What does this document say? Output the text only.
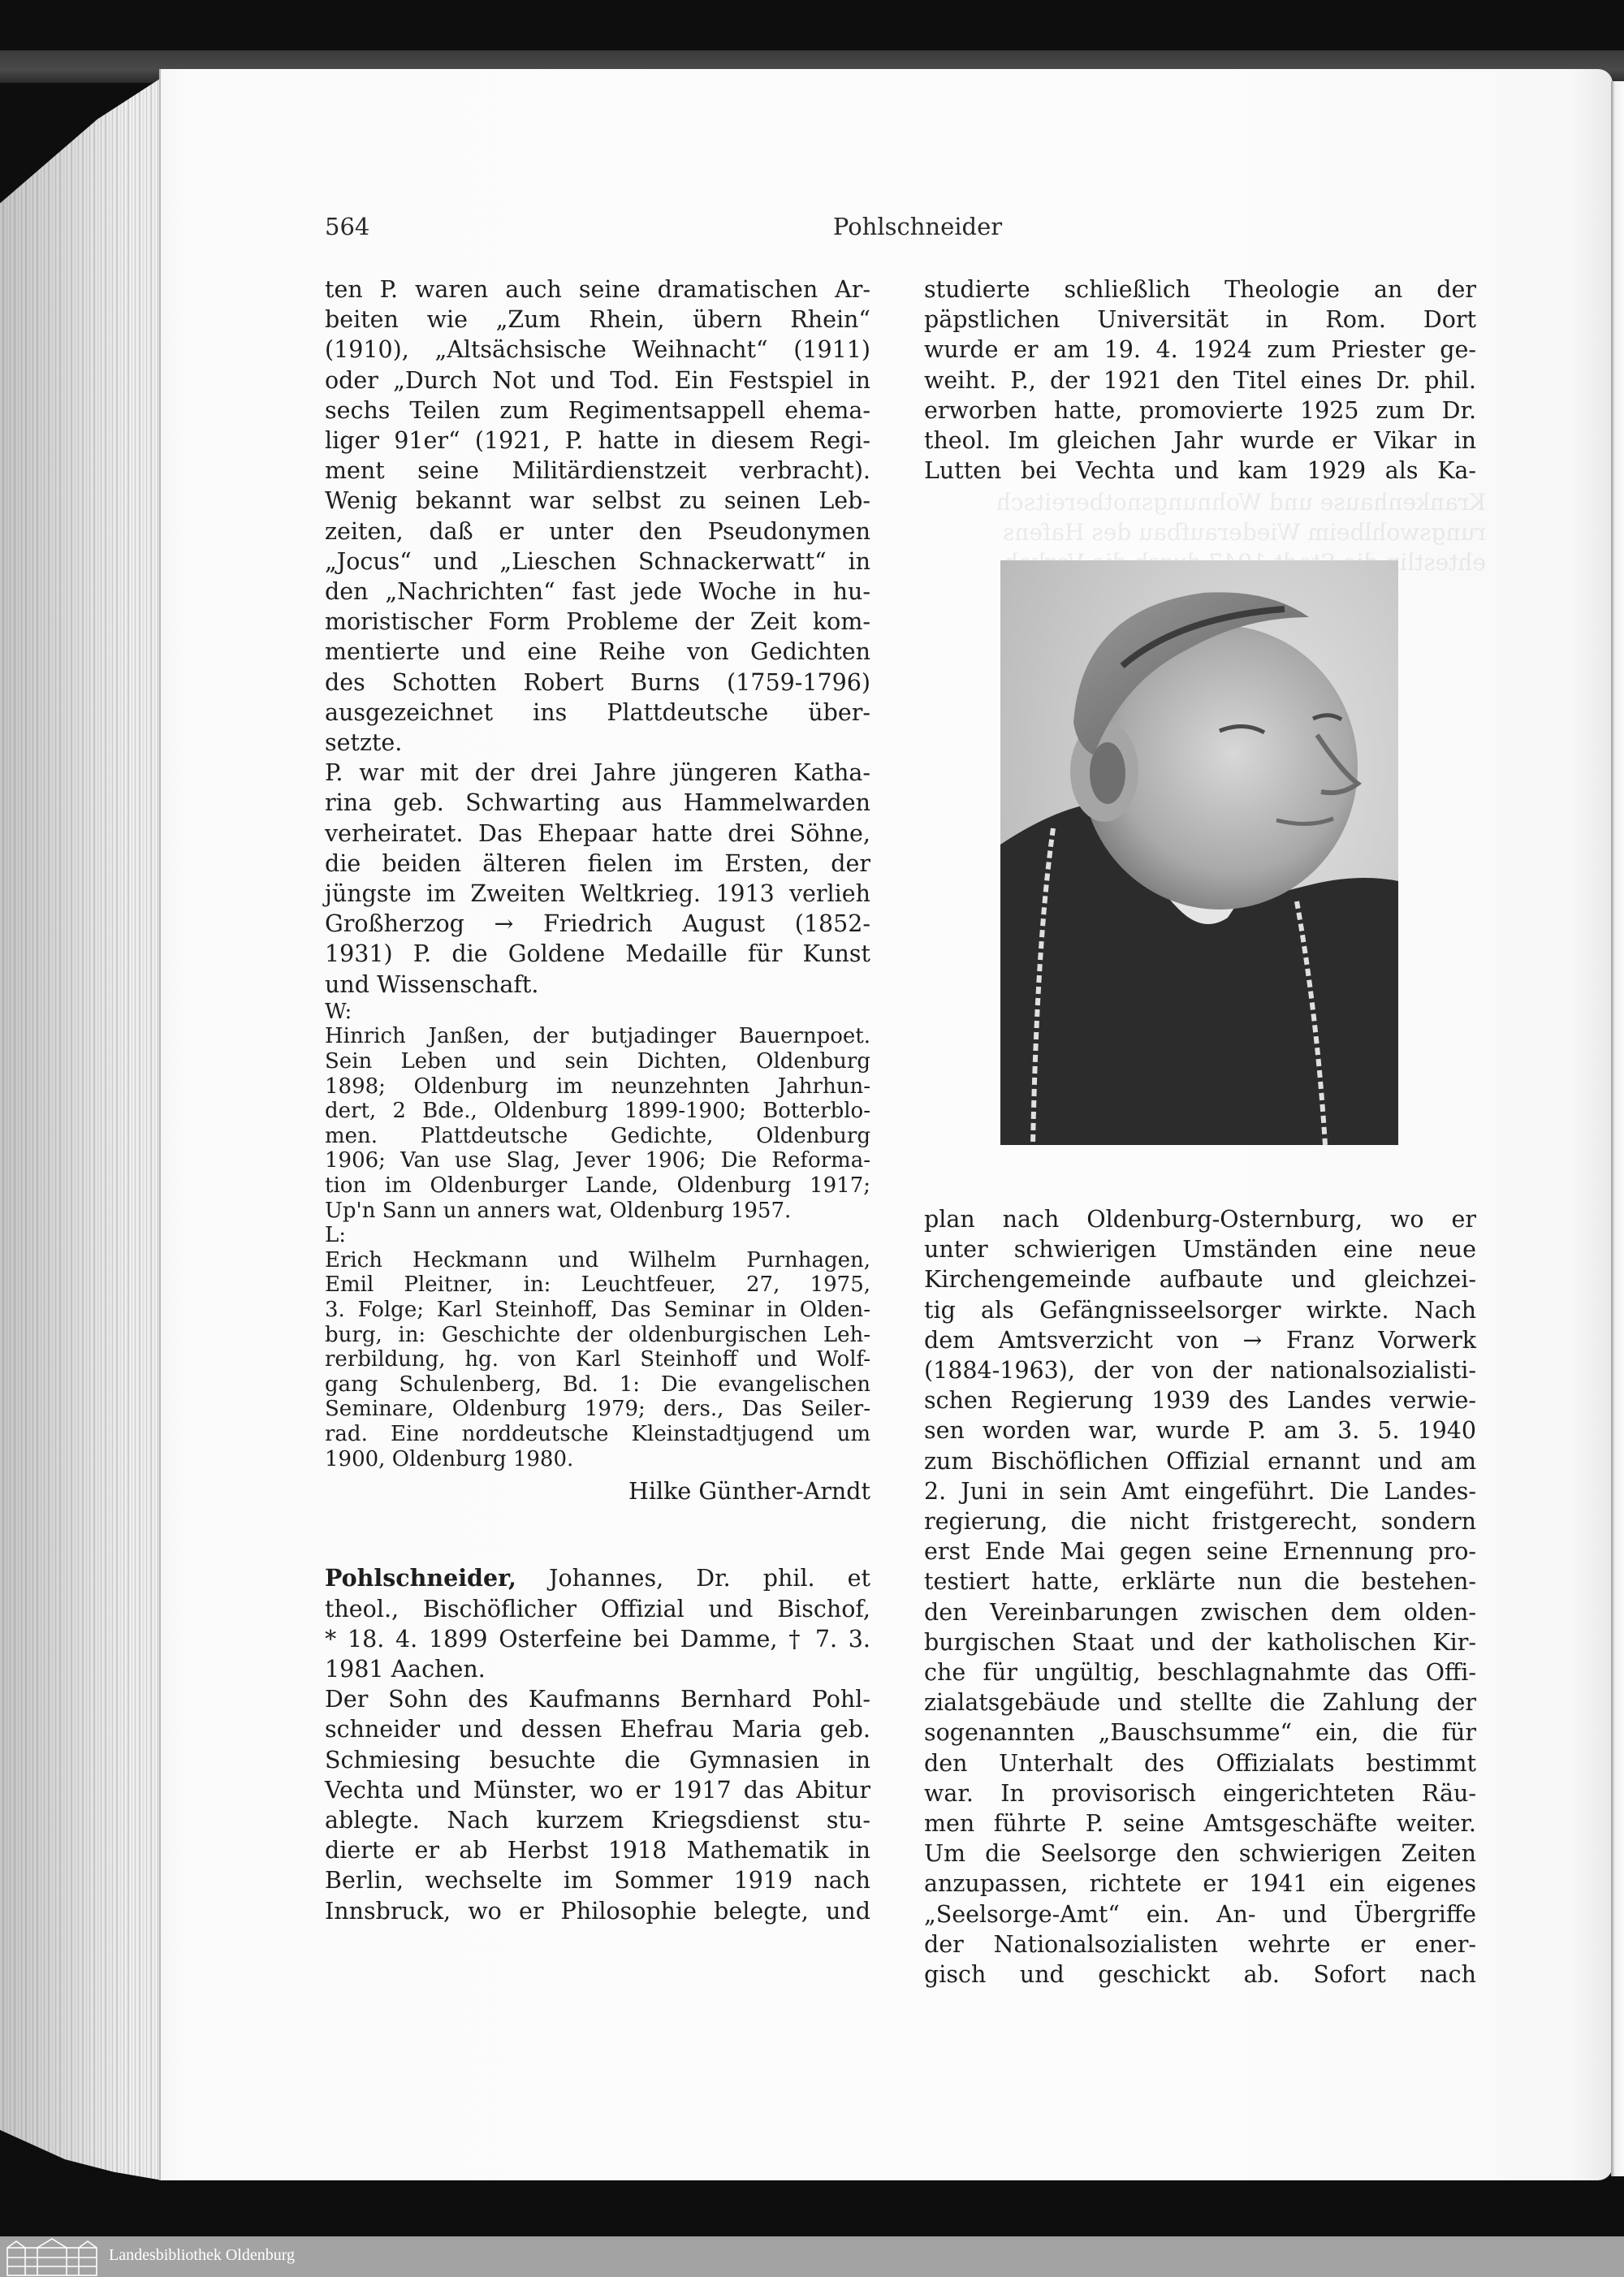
564	Pohlschneider

ten P. waren auch seine dramatischen Ar-
beiten wie „Zum Rhein, übern Rhein“
(1910), „Altsächsische Weihnacht“ (1911)
oder „Durch Not und Tod. Ein Festspiel in
sechs Teilen zum Regimentsappell ehema-
liger 91er“ (1921, P. hatte in diesem Regi-
ment seine Militärdienstzeit verbracht).
Wenig bekannt war selbst zu seinen Leb-
zeiten, daß er unter den Pseudonymen
„Jocus“ und „Lieschen Schnackerwatt“ in
den „Nachrichten“ fast jede Woche in hu-
moristischer Form Probleme der Zeit kom-
mentierte und eine Reihe von Gedichten
des Schotten Robert Burns (1759-1796)
ausgezeichnet ins Plattdeutsche über-
setzte.

P. war mit der drei Jahre jüngeren Katha-
rina geb. Schwarting aus Hammelwarden
verheiratet. Das Ehepaar hatte drei Söhne,
die beiden älteren fielen im Ersten, der
jüngste im Zweiten Weltkrieg. 1913 verlieh
Großherzog → Friedrich August (1852-
1931) P. die Goldene Medaille für Kunst
und Wissenschaft.

W:

Hinrich Janßen, der butjadinger Bauernpoet.
Sein Leben und sein Dichten, Oldenburg
1898; Oldenburg im neunzehnten Jahrhun-
dert, 2 Bde., Oldenburg 1899-1900; Botterblo-
men. Plattdeutsche Gedichte, Oldenburg
1906; Van use Slag, Jever 1906; Die Reforma-
tion im Oldenburger Lande, Oldenburg 1917;
Up'n Sann un anners wat, Oldenburg 1957.

L:

Erich Heckmann und Wilhelm Purnhagen,
Emil Pleitner, in: Leuchtfeuer, 27, 1975,
3. Folge; Karl Steinhoff, Das Seminar in Olden-
burg, in: Geschichte der oldenburgischen Leh-
rerbildung, hg. von Karl Steinhoff und Wolf-
gang Schulenberg, Bd. 1: Die evangelischen
Seminare, Oldenburg 1979; ders., Das Seiler-
rad. Eine norddeutsche Kleinstadtjugend um
1900, Oldenburg 1980.

Hilke Günther-Arndt

Pohlschneider, Johannes, Dr. phil. et
theol., Bischöflicher Offizial und Bischof,
* 18. 4. 1899 Osterfeine bei Damme, † 7. 3.
1981 Aachen.

Der Sohn des Kaufmanns Bernhard Pohl-
schneider und dessen Ehefrau Maria geb.
Schmiesing besuchte die Gymnasien in
Vechta und Münster, wo er 1917 das Abitur
ablegte. Nach kurzem Kriegsdienst stu-
dierte er ab Herbst 1918 Mathematik in
Berlin, wechselte im Sommer 1919 nach
Innsbruck, wo er Philosophie belegte, und

studierte schließlich Theologie an der
päpstlichen Universität in Rom. Dort
wurde er am 19. 4. 1924 zum Priester ge-
weiht. P., der 1921 den Titel eines Dr. phil.
erworben hatte, promovierte 1925 zum Dr.
theol. Im gleichen Jahr wurde er Vikar in
Lutten bei Vechta und kam 1929 als Ka-

plan nach Oldenburg-Osternburg, wo er
unter schwierigen Umständen eine neue
Kirchengemeinde aufbaute und gleichzei-
tig als Gefängnisseelsorger wirkte. Nach
dem Amtsverzicht von → Franz Vorwerk
(1884-1963), der von der nationalsozialisti-
schen Regierung 1939 des Landes verwie-
sen worden war, wurde P. am 3. 5. 1940
zum Bischöflichen Offizial ernannt und am
2. Juni in sein Amt eingeführt. Die Landes-
regierung, die nicht fristgerecht, sondern
erst Ende Mai gegen seine Ernennung pro-
testiert hatte, erklärte nun die bestehen-
den Vereinbarungen zwischen dem olden-
burgischen Staat und der katholischen Kir-
che für ungültig, beschlagnahmte das Offi-
zialatsgebäude und stellte die Zahlung der
sogenannten „Bauschsumme“ ein, die für
den Unterhalt des Offizialats bestimmt
war. In provisorisch eingerichteten Räu-
men führte P. seine Amtsgeschäfte weiter.
Um die Seelsorge den schwierigen Zeiten
anzupassen, richtete er 1941 ein eigenes
„Seelsorge-Amt“ ein. An- und Übergriffe
der Nationalsozialisten wehrte er ener-
gisch und geschickt ab. Sofort nach

Landesbibliothek Oldenburg
